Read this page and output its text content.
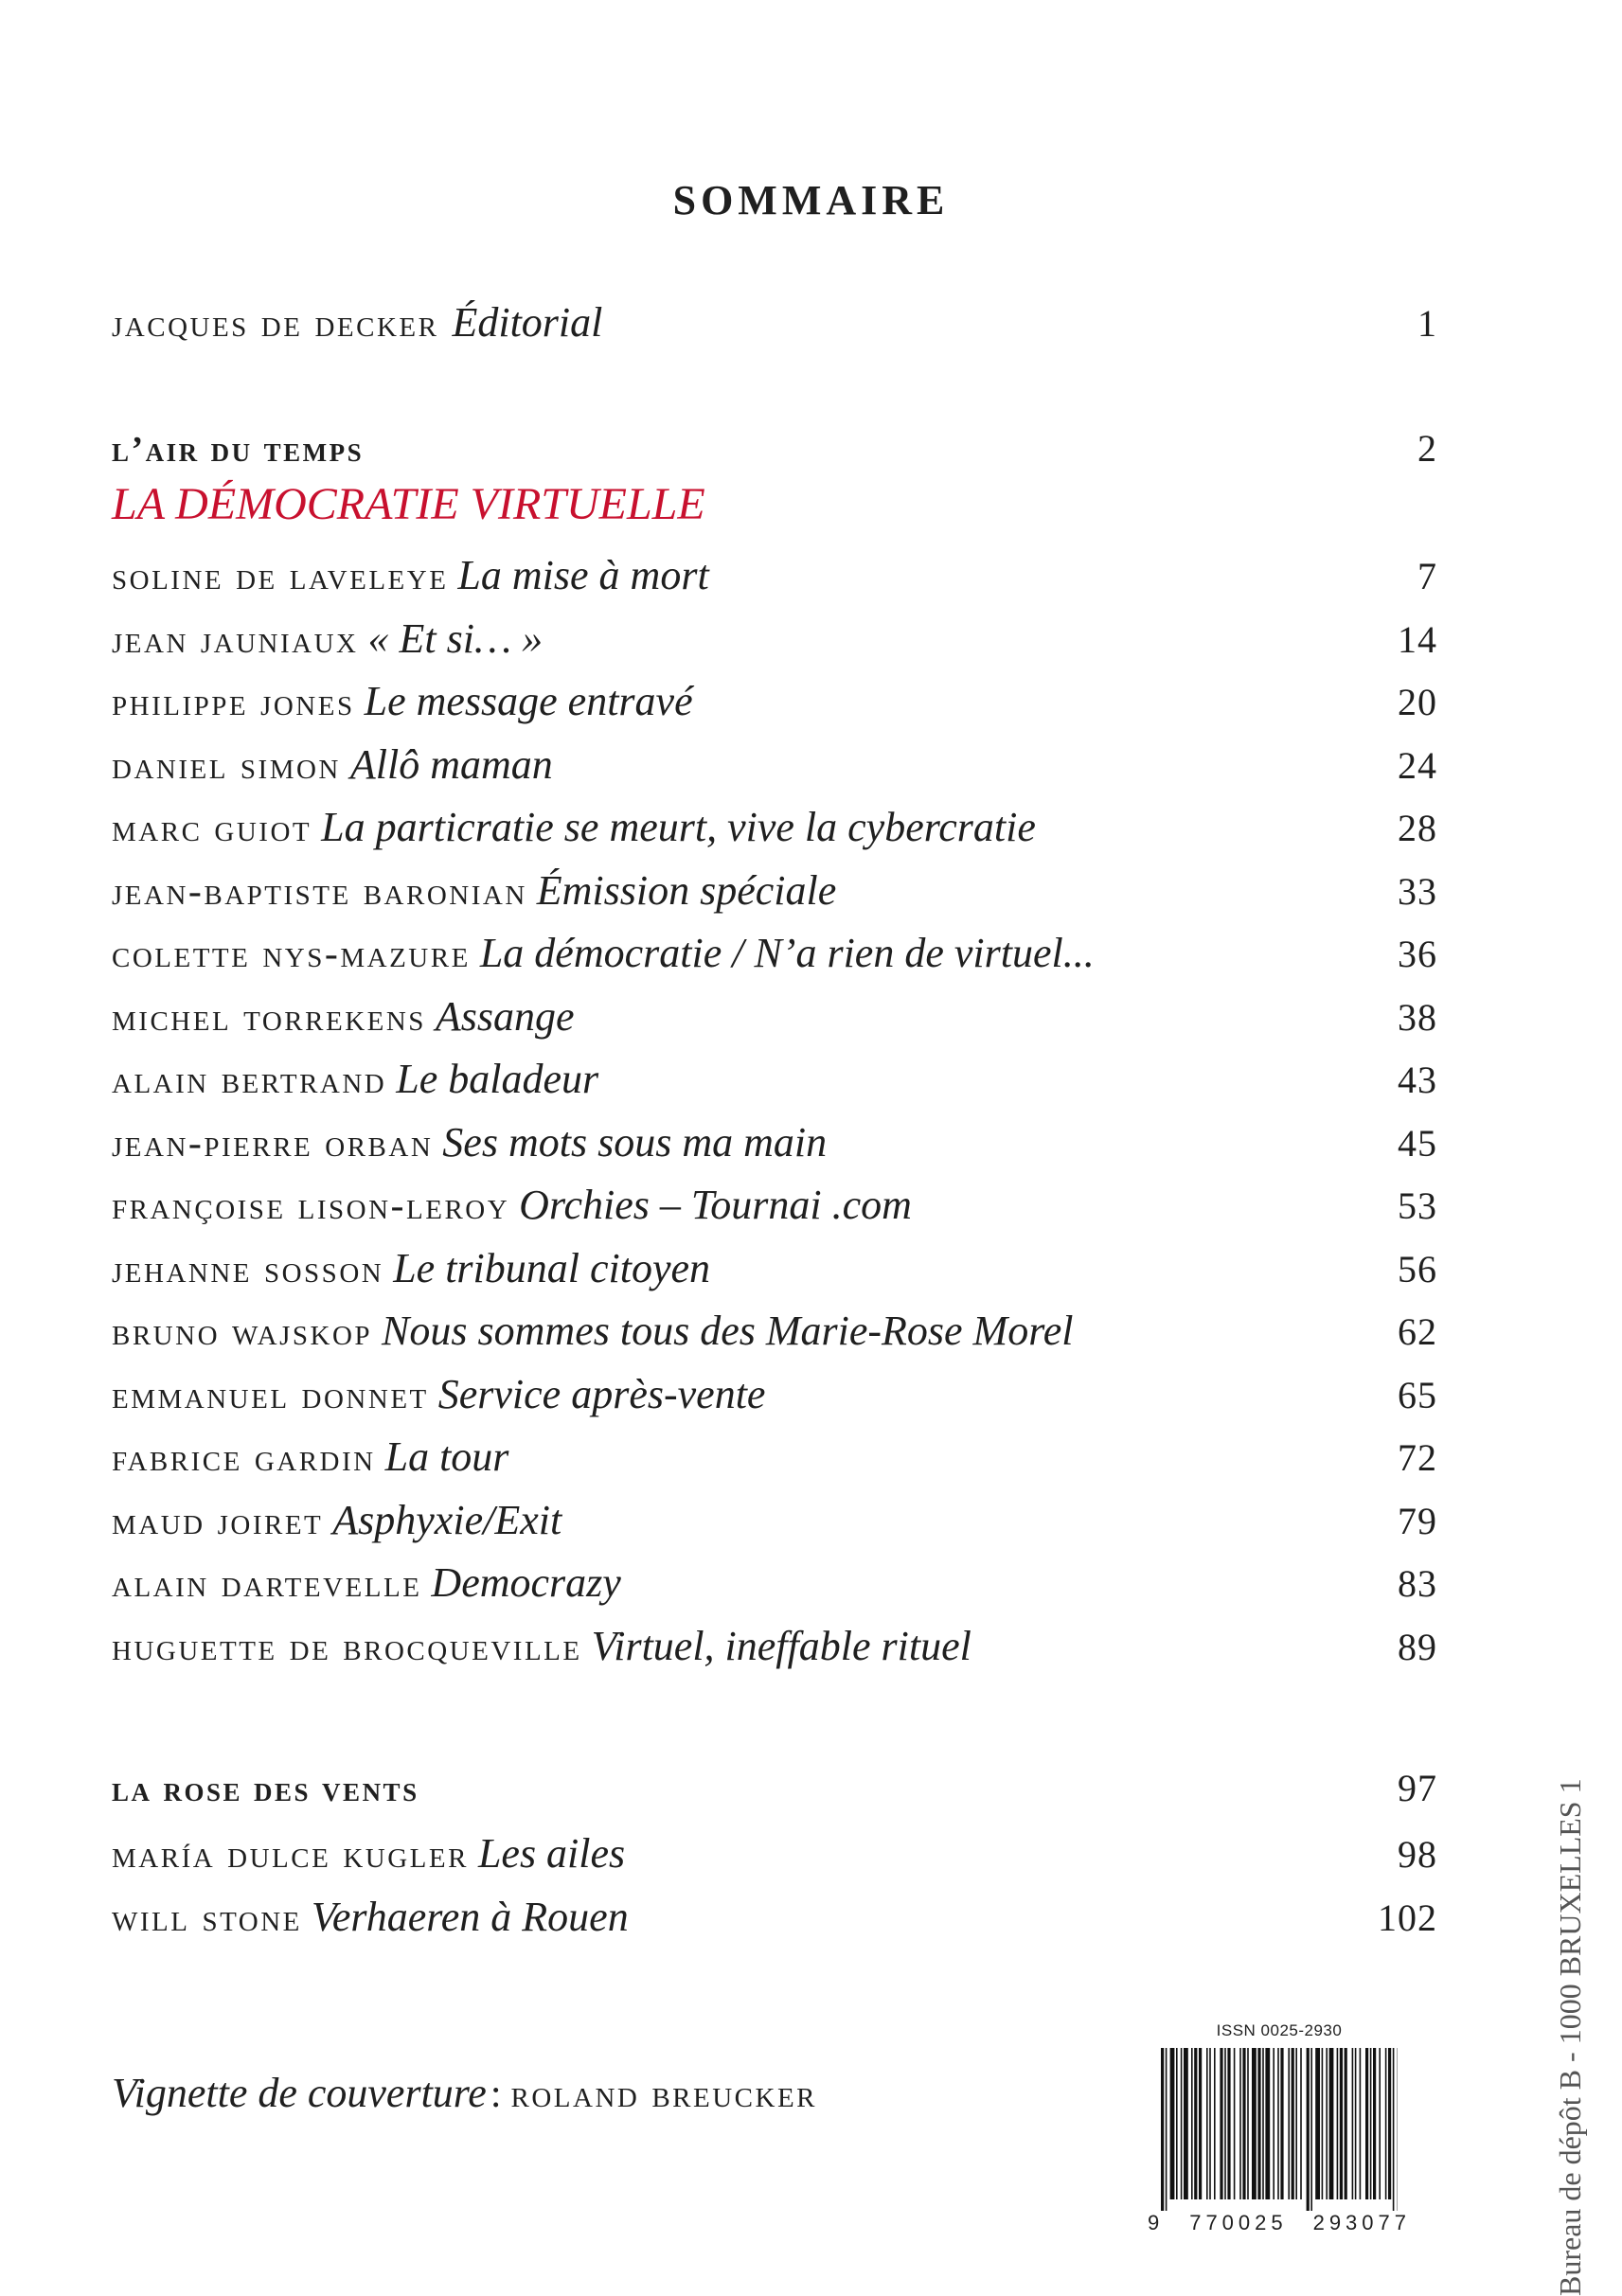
SOMMAIRE
jacques de decker Éditorial	1
l’air du temps	2
LA DÉMOCRATIE VIRTUELLE
soline de laveleye La mise à mort	7
jean jauniaux « Et si… »	14
philippe jones Le message entravé	20
daniel simon Allô maman	24
marc guiot La particratie se meurt, vive la cybercratie	28
jean-baptiste baronian Émission spéciale	33
colette nys-mazure La démocratie / N’a rien de virtuel...	36
michel torrekens Assange	38
alain bertrand Le baladeur	43
jean-pierre orban Ses mots sous ma main	45
françoise lison-leroy Orchies – Tournai .com	53
jehanne sosson Le tribunal citoyen	56
bruno wajskop Nous sommes tous des Marie-Rose Morel	62
emmanuel donnet Service après-vente	65
fabrice gardin La tour	72
maud joiret Asphyxie/Exit	79
alain dartevelle Democrazy	83
huguette de brocqueville Virtuel, ineffable rituel	89
la rose des vents	97
maría dulce kugler Les ailes	98
will stone Verhaeren à Rouen	102
Vignette de couverture : roland breucker
ISSN 0025-2930
9 770025 293077	Bureau de dépôt B - 1000 BRUXELLES 1
